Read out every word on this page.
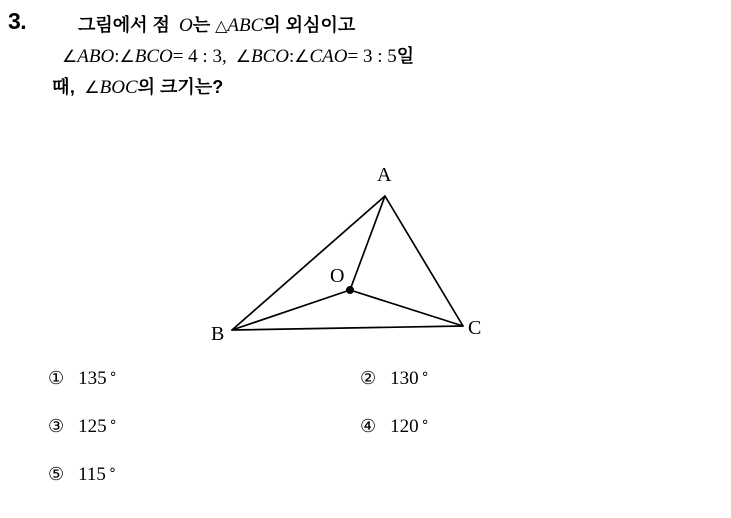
3.	그림에서 점 O는 △ABC의 외심이고
∠ABO:∠BCO= 4 : 3, ∠BCO:∠CAO= 3 : 5일
때, ∠BOC의 크기는?
A
B	C
O
① 135 °	② 130 °
③ 125 °	④ 120 °
⑤ 115 °
